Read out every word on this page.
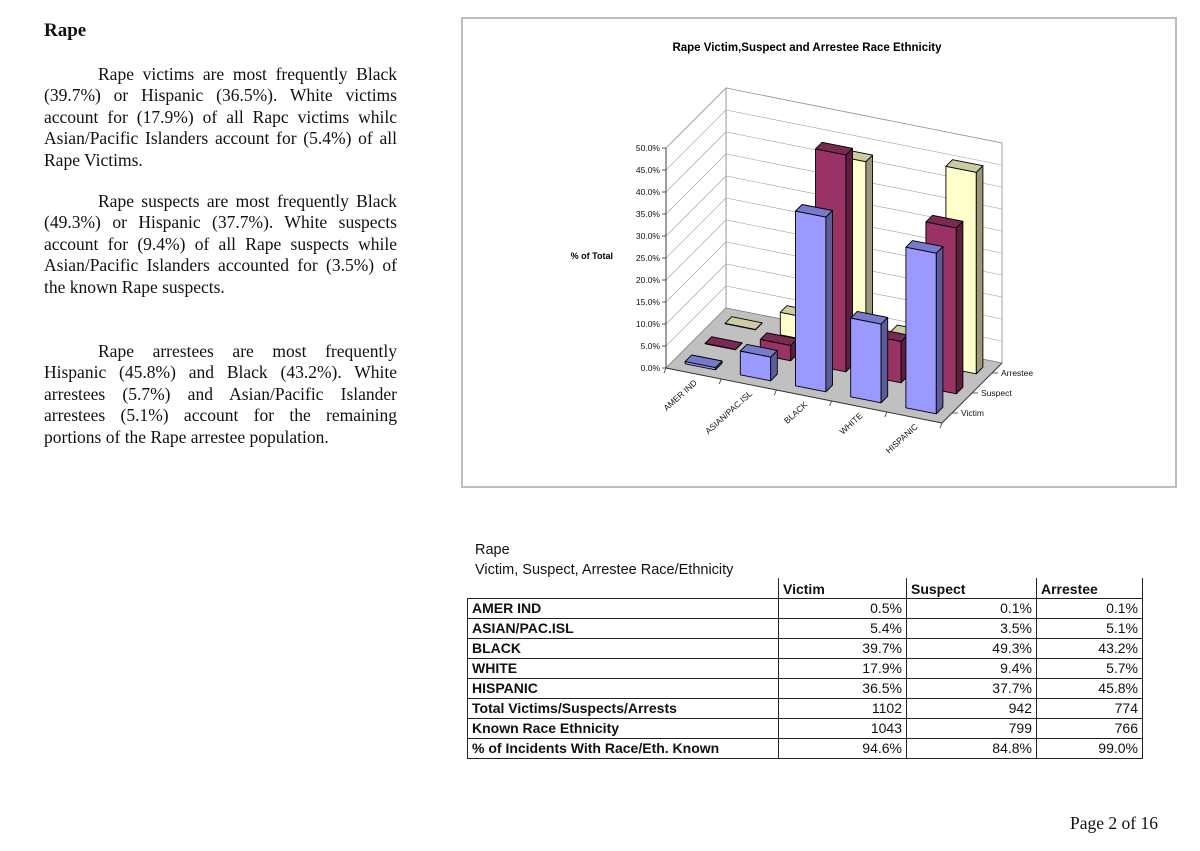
Rape

Rape victims are most frequently Black (39.7%) or Hispanic (36.5%). White victims account for (17.9%) of all Rapc victims whilc Asian/Pacific Islanders account for (5.4%) of all Rape Victims.

Rape suspects are most frequently Black (49.3%) or Hispanic (37.7%). White suspects account for (9.4%) of all Rape suspects while Asian/Pacific Islanders accounted for (3.5%) of the known Rape suspects.

Rape arrestees are most frequently Hispanic (45.8%) and Black (43.2%). White arrestees (5.7%) and Asian/Pacific Islander arrestees (5.1%) account for the remaining portions of the Rape arrestee population.

0.0%
5.0%
10.0%
15.0%
20.0%
25.0%
30.0%
35.0%
40.0%
45.0%
50.0%
AMER IND ASIAN/PAC.ISL	BLACK	WHITE HISPANIC
Victim
Suspect
Arrestee
Rape Victim,Suspect and Arrestee Race Ethnicity
% of Total
Rape
Victim, Suspect, Arrestee Race/Ethnicity
	Victim	Suspect	Arrestee
AMER IND	0.5%	0.1%	0.1%
ASIAN/PAC.ISL	5.4%	3.5%	5.1%
BLACK	39.7%	49.3%	43.2%
WHITE	17.9%	9.4%	5.7%
HISPANIC	36.5%	37.7%	45.8%
Total Victims/Suspects/Arrests	1102	942	774
Known Race Ethnicity	1043	799	766
% of Incidents With Race/Eth. Known	94.6%	84.8%	99.0%
Page 2 of 16
